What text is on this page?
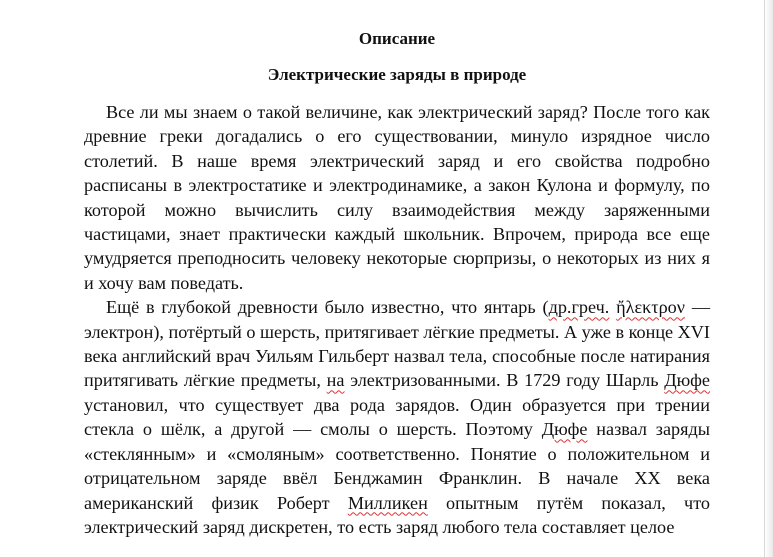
Описание
Электрические заряды в природе

Все ли мы знаем о такой величине, как электрический заряд? После того как древние греки догадались о его существовании, минуло изрядное число столетий. В наше время электрический заряд и его свойства подробно расписаны в электростатике и электродинамике, а закон Кулона и формулу, по которой можно вычислить силу взаимодействия между заряженными частицами, знает практически каждый школьник. Впрочем, природа все еще умудряется преподносить человеку некоторые сюрпризы, о некоторых из них я и хочу вам поведать.

Ещё в глубокой древности было известно, что янтарь (др.греч. ἤλεκτρον — электрон), потёртый о шерсть, притягивает лёгкие предметы. А уже в конце XVI века английский врач Уильям Гильберт назвал тела, способные после натирания притягивать лёгкие предметы, на электризованными. В 1729 году Шарль Дюфе установил, что существует два рода зарядов. Один образуется при трении стекла о шёлк, а другой — смолы о шерсть. Поэтому Дюфе назвал заряды «стеклянным» и «смоляным» соответственно. Понятие о положительном и отрицательном заряде ввёл Бенджамин Франклин. В начале XX века американский физик Роберт Милликен опытным путём показал, что электрический заряд дискретен, то есть заряд любого тела составляет целое
